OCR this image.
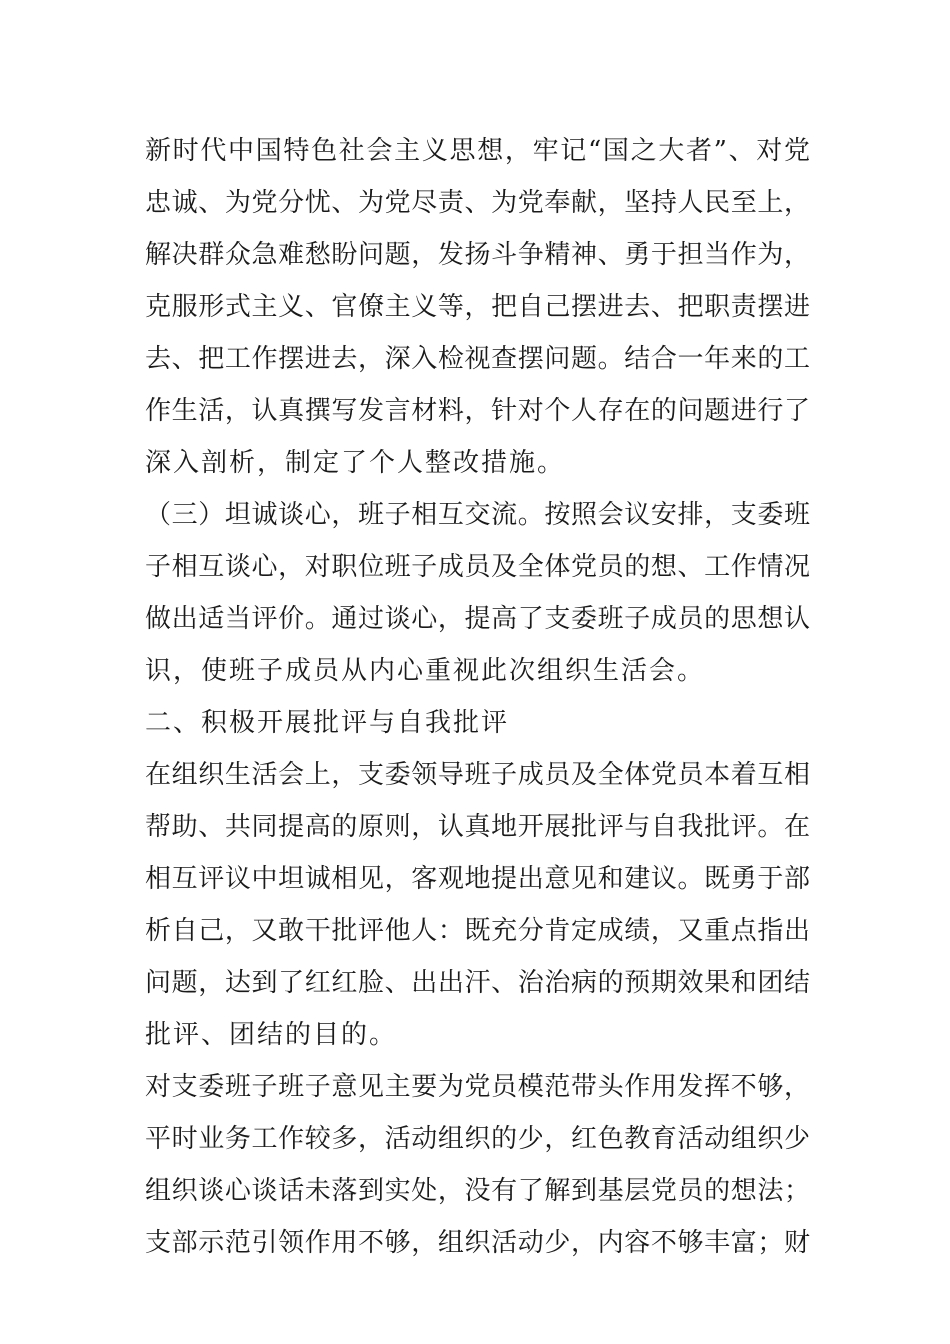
新时代中国特色社会主义思想，牢记“国之大者”、对党
忠诚、为党分忧、为党尽责、为党奉献，坚持人民至上，
解决群众急难愁盼问题，发扬斗争精神、勇于担当作为，
克服形式主义、官僚主义等，把自己摆进去、把职责摆进
去、把工作摆进去，深入检视查摆问题。结合一年来的工
作生活，认真撰写发言材料，针对个人存在的问题进行了
深入剖析，制定了个人整改措施。
（三）坦诚谈心，班子相互交流。按照会议安排，支委班
子相互谈心，对职位班子成员及全体党员的想、工作情况
做出适当评价。通过谈心，提高了支委班子成员的思想认
识，使班子成员从内心重视此次组织生活会。
二、积极开展批评与自我批评
在组织生活会上，支委领导班子成员及全体党员本着互相
帮助、共同提高的原则，认真地开展批评与自我批评。在
相互评议中坦诚相见，客观地提出意见和建议。既勇于部
析自己，又敢干批评他人：既充分肯定成绩，又重点指出
问题，达到了红红脸、出出汗、治治病的预期效果和团结
批评、团结的目的。
对支委班子班子意见主要为党员模范带头作用发挥不够，
平时业务工作较多，活动组织的少，红色教育活动组织少
组织谈心谈话未落到实处，没有了解到基层党员的想法；
支部示范引领作用不够，组织活动少，内容不够丰富；财
